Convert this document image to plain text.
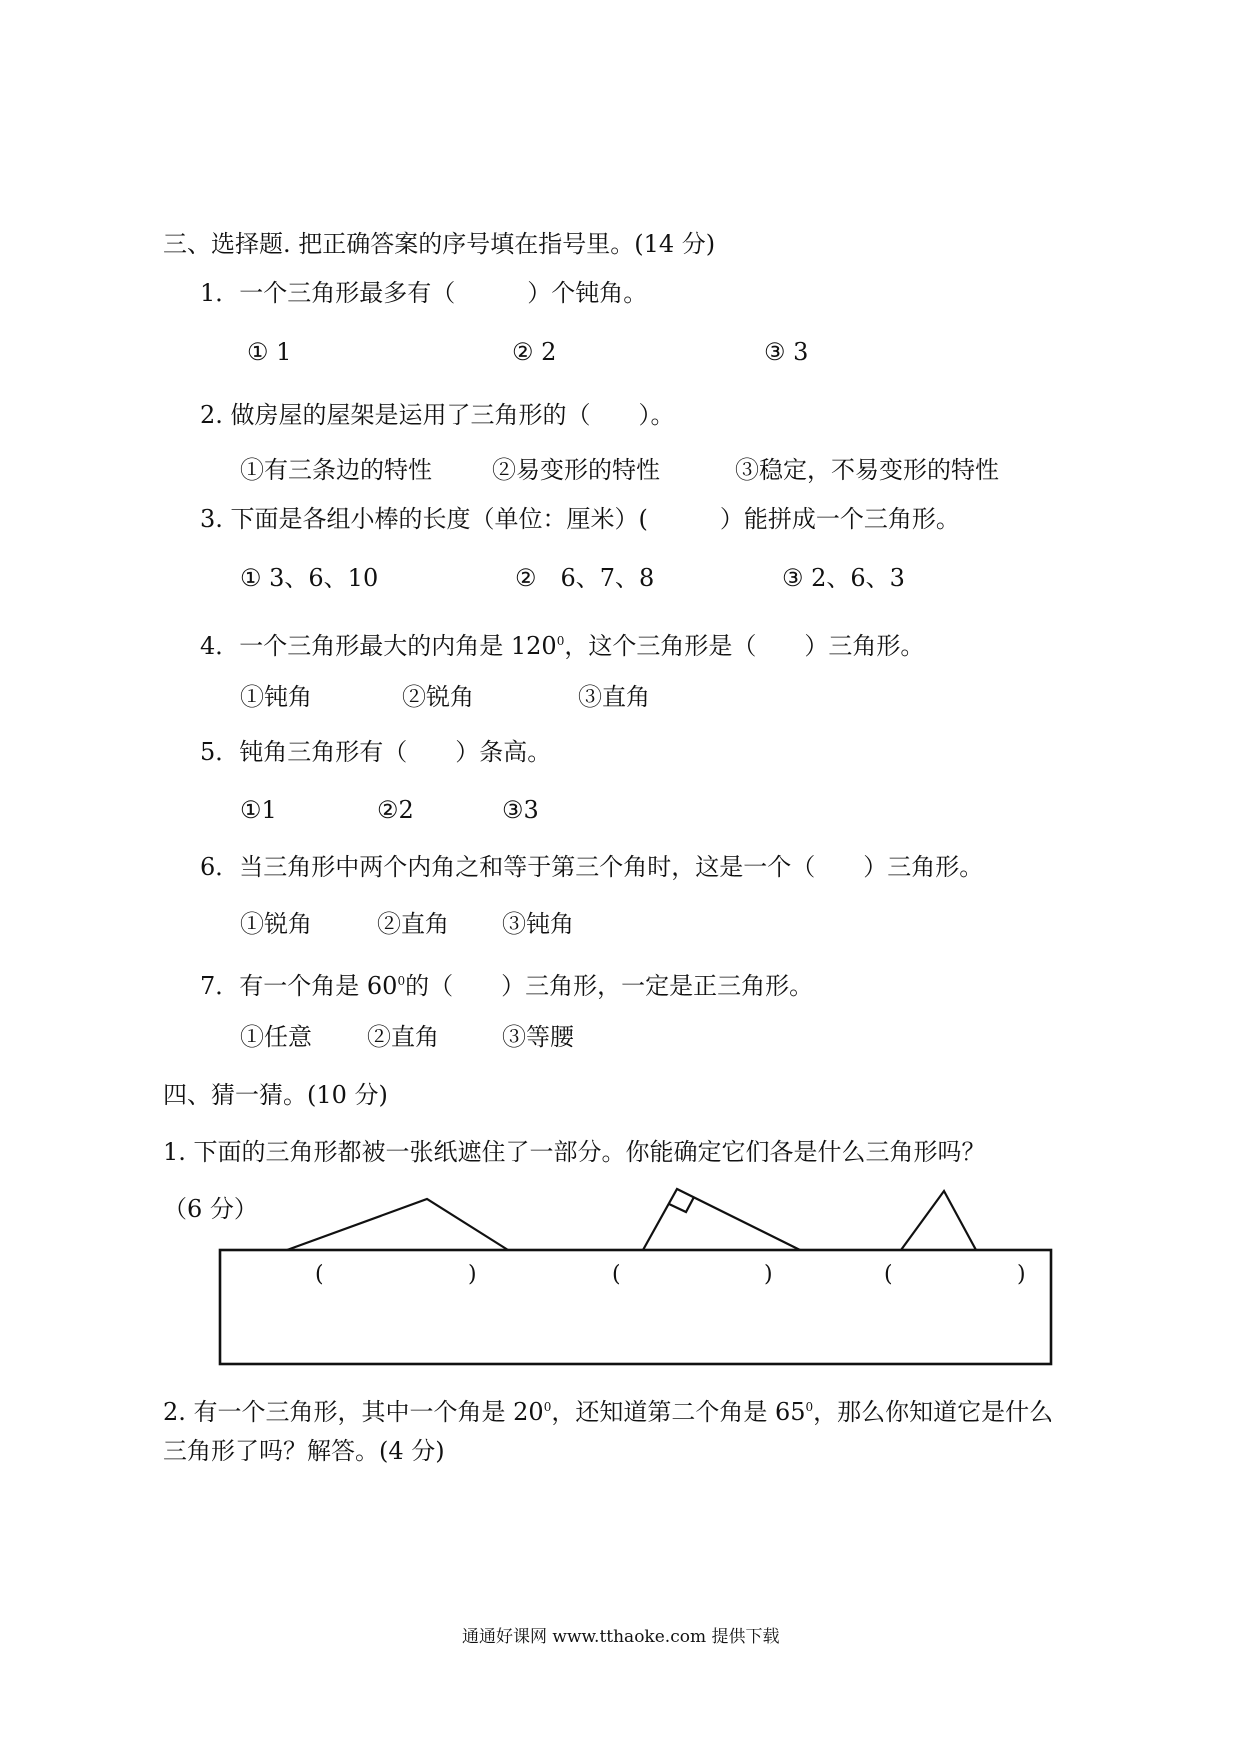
三、选择题. 把正确答案的序号填在指号里。(14 分)
1．一个三角形最多有（　　　）个钝角。
① 1	② 2	③ 3
2. 做房屋的屋架是运用了三角形的（　　）。
①有三条边的特性	②易变形的特性	③稳定，不易变形的特性
3. 下面是各组小棒的长度（单位：厘米）(　　　）能拼成一个三角形。
① 3、6、10	②　6、7、8	③ 2、6、3
4．一个三角形最大的内角是 $120^0$，这个三角形是（　　）三角形。
①钝角	②锐角	③直角
5．钝角三角形有（　　）条高。
①1	②2	③3
6．当三角形中两个内角之和等于第三个角时，这是一个（　　）三角形。
①锐角	②直角 ③钝角
7．有一个角是 $60^0$的（　　）三角形，一定是正三角形。
①任意 ②直角	③等腰
四、猜一猜。(10 分)
1. 下面的三角形都被一张纸遮住了一部分。你能确定它们各是什么三角形吗？
（6 分）
(	)	(	)	(	)
2. 有一个三角形，其中一个角是 $20^0$，还知道第二个角是 $65^0$，那么你知道它是什么
三角形了吗？解答。(4 分)
通通好课网 www.tthaoke.com 提供下载
